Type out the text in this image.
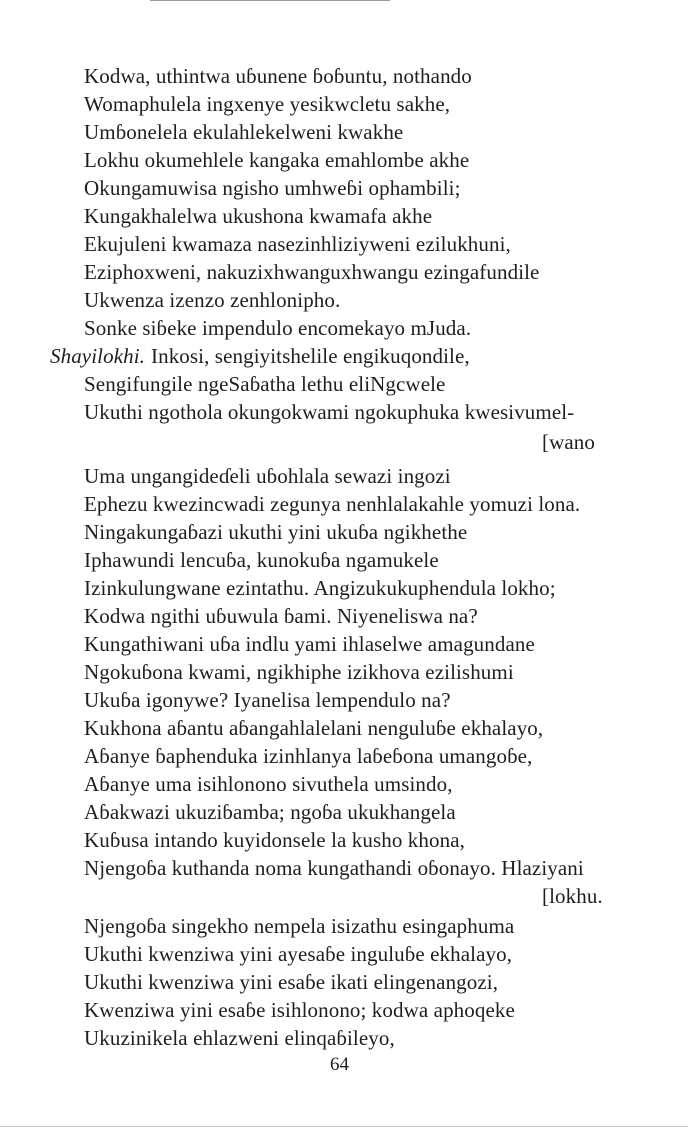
Kodwa, uthintwa uɓunene ɓoɓuntu, nothando
Womaphulela ingxenye yesikwcletu sakhe,
Umɓonelela ekulahlekelweni kwakhe
Lokhu okumehlele kangaka emahlombe akhe
Okungamuwisa ngisho umhweɓi ophambili;
Kungakhalelwa ukushona kwamafa akhe
Ekujuleni kwamaza nasezinhliziyweni ezilukhuni,
Eziphoxweni, nakuzixhwanguxhwangu ezingafundile
Ukwenza izenzo zenhlonipho.
Sonke siɓeke impendulo encomekayo mJuda.
Shayilokhi. Inkosi, sengiyitshelile engikuqondile,
Sengifungile ngeSaɓatha lethu eliNgcwele
Ukuthi ngothola okungokwami ngokuphuka kwesivumel-
[wano
Uma ungangideɗeli uɓohlala sewazi ingozi
Ephezu kwezincwadi zegunya nenhlalakahle yomuzi lona.
Ningakungaɓazi ukuthi yini ukuɓa ngikhethe
Iphawundi lencuɓa, kunokuɓa ngamukele
Izinkulungwane ezintathu. Angizukukuphendula lokho;
Kodwa ngithi uɓuwula ɓami. Niyeneliswa na?
Kungathiwani uɓa indlu yami ihlaselwe amagundane
Ngokuɓona kwami, ngikhiphe izikhova ezilishumi
Ukuɓa igonywe? Iyanelisa lempendulo na?
Kukhona aɓantu aɓangahlalelani nenguluɓe ekhalayo,
Aɓanye ɓaphenduka izinhlanya laɓeɓona umangoɓe,
Aɓanye uma isihlonono sivuthela umsindo,
Aɓakwazi ukuziɓamba; ngoɓa ukukhangela
Kuɓusa intando kuyidonsele la kusho khona,
Njengoɓa kuthanda noma kungathandi oɓonayo. Hlaziyani
[lokhu.
Njengoɓa singekho nempela isizathu esingaphuma
Ukuthi kwenziwa yini ayesaɓe inguluɓe ekhalayo,
Ukuthi kwenziwa yini esaɓe ikati elingenangozi,
Kwenziwa yini esaɓe isihlonono; kodwa aphoqeke
Ukuzinikela ehlazweni elinqaɓileyo,
64
